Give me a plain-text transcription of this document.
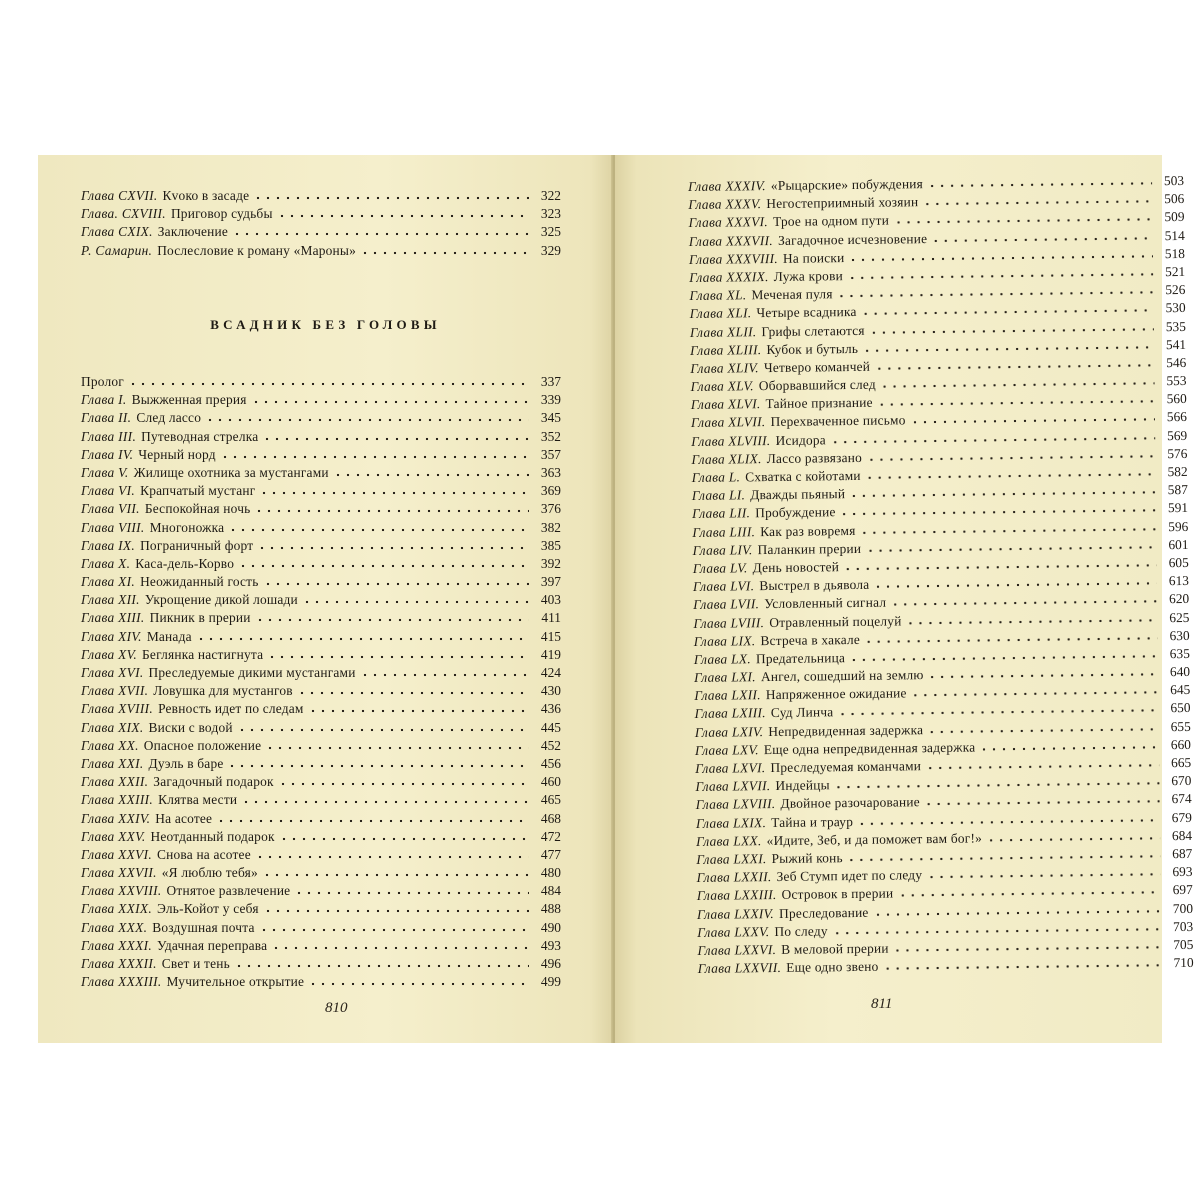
Глава CXVII. Кvоко в засаде	322
Глава. CXVIII. Приговор судьбы	323
Глава CXIX. Заключение	325
Р. Самарин. Послесловие к роману «Мароны»	329
ВСАДНИК БЕЗ ГОЛОВЫ
Пролог	337
Глава I. Выжженная прерия	339
Глава II. След лассо	345
Глава III. Путеводная стрелка	352
Глава IV. Черный норд	357
Глава V. Жилище охотника за мустангами	363
Глава VI. Крапчатый мустанг	369
Глава VII. Беспокойная ночь	376
Глава VIII. Многоножка	382
Глава IX. Пограничный форт	385
Глава X. Каса-дель-Корво	392
Глава XI. Неожиданный гость	397
Глава XII. Укрощение дикой лошади	403
Глава XIII. Пикник в прерии	411
Глава XIV. Манада	415
Глава XV. Беглянка настигнута	419
Глава XVI. Преследуемые дикими мустангами	424
Глава XVII. Ловушка для мустангов	430
Глава XVIII. Ревность идет по следам	436
Глава XIX. Виски с водой	445
Глава XX. Опасное положение	452
Глава XXI. Дуэль в баре	456
Глава XXII. Загадочный подарок	460
Глава XXIII. Клятва мести	465
Глава XXIV. На асотее	468
Глава XXV. Неотданный подарок	472
Глава XXVI. Снова на асотее	477
Глава XXVII. «Я люблю тебя»	480
Глава XXVIII. Отнятое развлечение	484
Глава XXIX. Эль-Койот у себя	488
Глава XXX. Воздушная почта	490
Глава XXXI. Удачная переправа	493
Глава XXXII. Свет и тень	496
Глава XXXIII. Мучительное открытие	499
810
Глава XXXIV. «Рыцарские» побуждения	503
Глава XXXV. Негостеприимный хозяин	506
Глава XXXVI. Трое на одном пути	509
Глава XXXVII. Загадочное исчезновение	514
Глава XXXVIII. На поиски	518
Глава XXXIX. Лужа крови	521
Глава XL. Меченая пуля	526
Глава XLI. Четыре всадника	530
Глава XLII. Грифы слетаются	535
Глава XLIII. Кубок и бутыль	541
Глава XLIV. Четверо команчей	546
Глава XLV. Оборвавшийся след	553
Глава XLVI. Тайное признание	560
Глава XLVII. Перехваченное письмо	566
Глава XLVIII. Исидора	569
Глава XLIX. Лассо развязано	576
Глава L. Схватка с койотами	582
Глава LI. Дважды пьяный	587
Глава LII. Пробуждение	591
Глава LIII. Как раз вовремя	596
Глава LIV. Паланкин прерии	601
Глава LV. День новостей	605
Глава LVI. Выстрел в дьявола	613
Глава LVII. Условленный сигнал	620
Глава LVIII. Отравленный поцелуй	625
Глава LIX. Встреча в хакале	630
Глава LX. Предательница	635
Глава LXI. Ангел, сошедший на землю	640
Глава LXII. Напряженное ожидание	645
Глава LXIII. Суд Линча	650
Глава LXIV. Непредвиденная задержка	655
Глава LXV. Еще одна непредвиденная задержка	660
Глава LXVI. Преследуемая команчами	665
Глава LXVII. Индейцы	670
Глава LXVIII. Двойное разочарование	674
Глава LXIX. Тайна и траур	679
Глава LXX. «Идите, Зеб, и да поможет вам бог!»	684
Глава LXXI. Рыжий конь	687
Глава LXXII. Зеб Стумп идет по следу	693
Глава LXXIII. Островок в прерии	697
Глава LXXIV. Преследование	700
Глава LXXV. По следу	703
Глава LXXVI. В меловой прерии	705
Глава LXXVII. Еще одно звено	710
811
